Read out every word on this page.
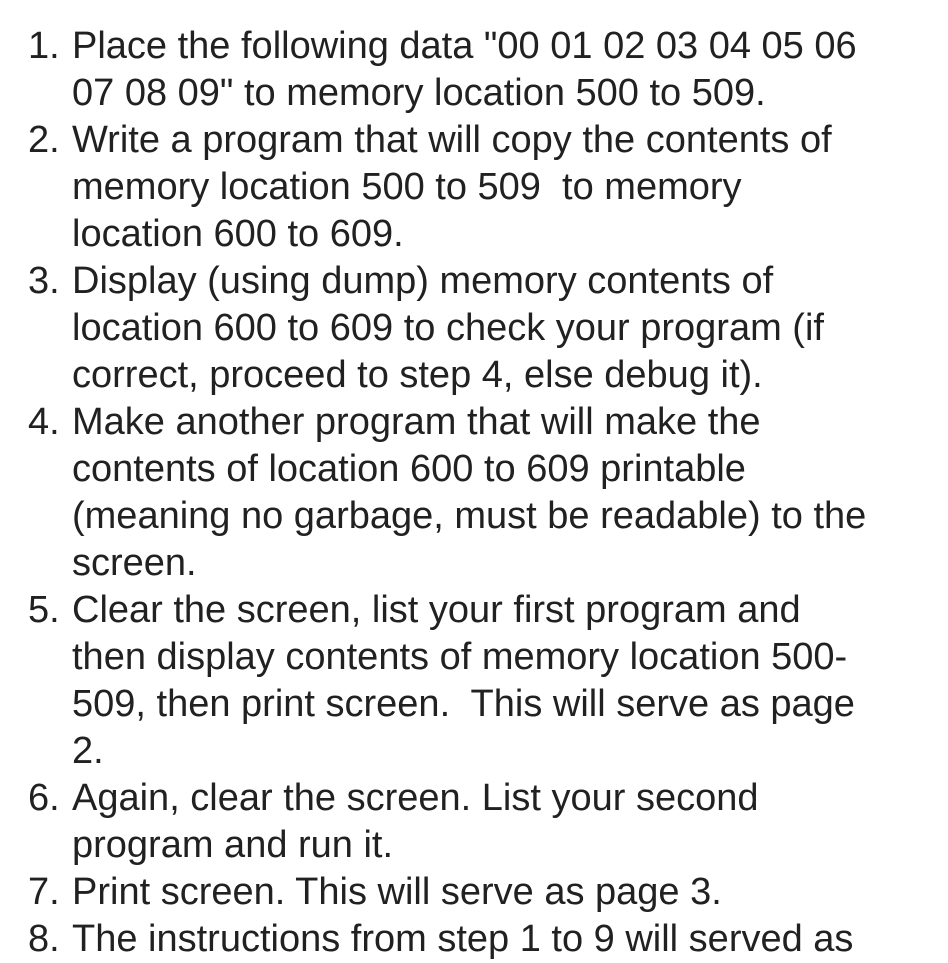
1. Place the following data "00 01 02 03 04 05 06
07 08 09" to memory location 500 to 509.
2. Write a program that will copy the contents of
memory location 500 to 509  to memory
location 600 to 609.
3. Display (using dump) memory contents of
location 600 to 609 to check your program (if
correct, proceed to step 4, else debug it).
4. Make another program that will make the
contents of location 600 to 609 printable
(meaning no garbage, must be readable) to the
screen.
5. Clear the screen, list your first program and
then display contents of memory location 500-
509, then print screen.  This will serve as page
2.
6. Again, clear the screen. List your second
program and run it.
7. Print screen. This will serve as page 3.
8. The instructions from step 1 to 9 will served as
